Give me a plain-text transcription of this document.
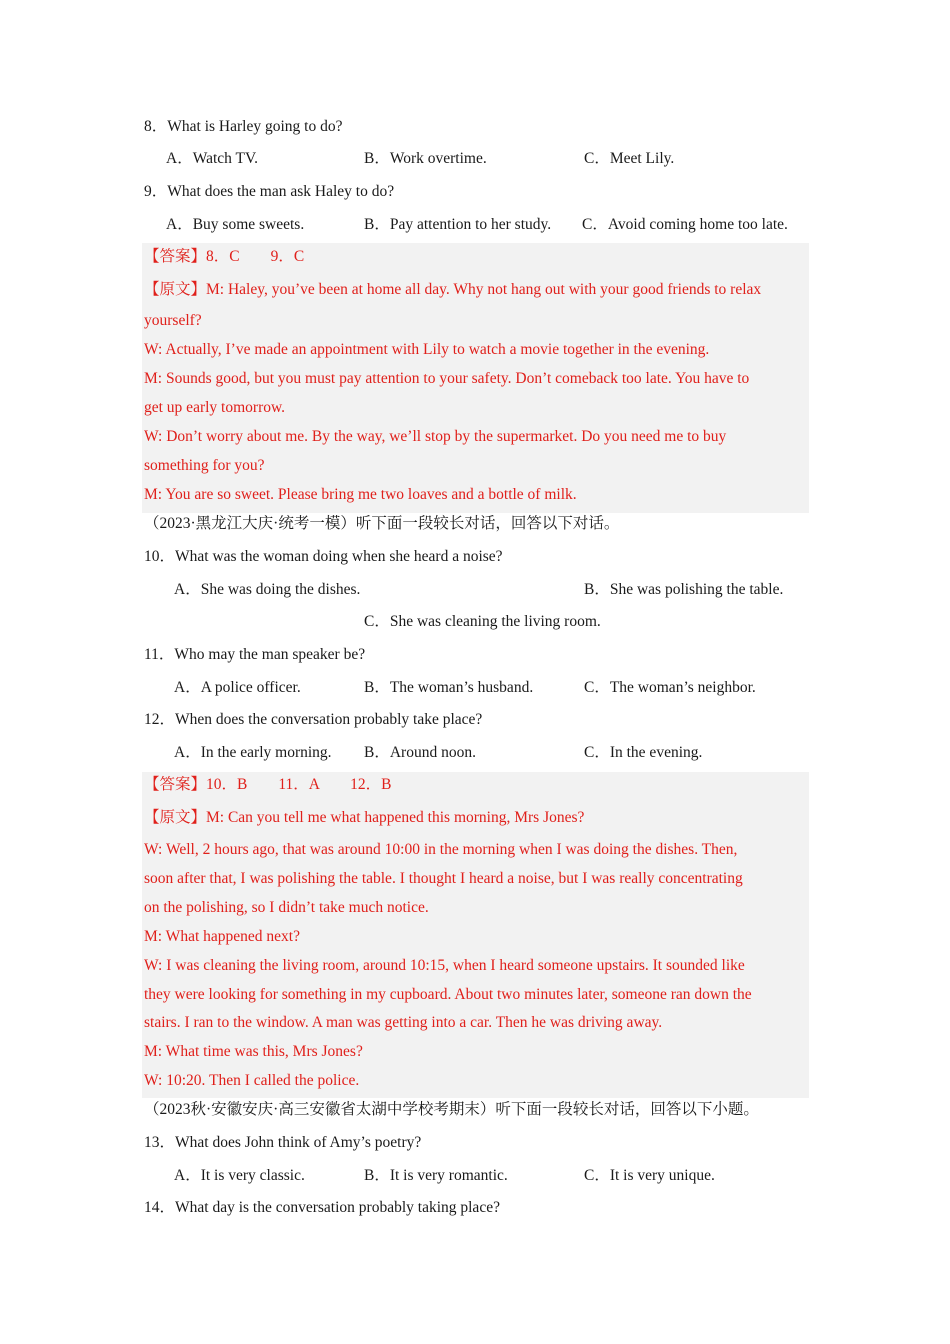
8．What is Harley going to do?
A．Watch TV.	B．Work overtime.	C．Meet Lily.
9．What does the man ask Haley to do?
A．Buy some sweets.	B．Pay attention to her study. C．Avoid coming home too late.
【答案】8．C　　9．C
【原文】M: Haley, you’ve been at home all day. Why not hang out with your good friends to relax
yourself?
W: Actually, I’ve made an appointment with Lily to watch a movie together in the evening.
M: Sounds good, but you must pay attention to your safety. Don’t comeback too late. You have to
get up early tomorrow.
W: Don’t worry about me. By the way, we’ll stop by the supermarket. Do you need me to buy
something for you?
M: You are so sweet. Please bring me two loaves and a bottle of milk.
（2023·黑龙江大庆·统考一模）听下面一段较长对话，回答以下对话。
10．What was the woman doing when she heard a noise?
A．She was doing the dishes.	B．She was polishing the table.
C．She was cleaning the living room.
11．Who may the man speaker be?
A．A police officer.	B．The woman’s husband.	C．The woman’s neighbor.
12．When does the conversation probably take place?
A．In the early morning. B．Around noon.	C．In the evening.
【答案】10．B　　11．A　　12．B
【原文】M: Can you tell me what happened this morning, Mrs Jones?
W: Well, 2 hours ago, that was around 10:00 in the morning when I was doing the dishes. Then,
soon after that, I was polishing the table. I thought I heard a noise, but I was really concentrating
on the polishing, so I didn’t take much notice.
M: What happened next?
W: I was cleaning the living room, around 10:15, when I heard someone upstairs. It sounded like
they were looking for something in my cupboard. About two minutes later, someone ran down the
stairs. I ran to the window. A man was getting into a car. Then he was driving away.
M: What time was this, Mrs Jones?
W: 10:20. Then I called the police.
（2023秋·安徽安庆·高三安徽省太湖中学校考期末）听下面一段较长对话，回答以下小题。
13．What does John think of Amy’s poetry?
A．It is very classic.	B．It is very romantic.	C．It is very unique.
14．What day is the conversation probably taking place?
